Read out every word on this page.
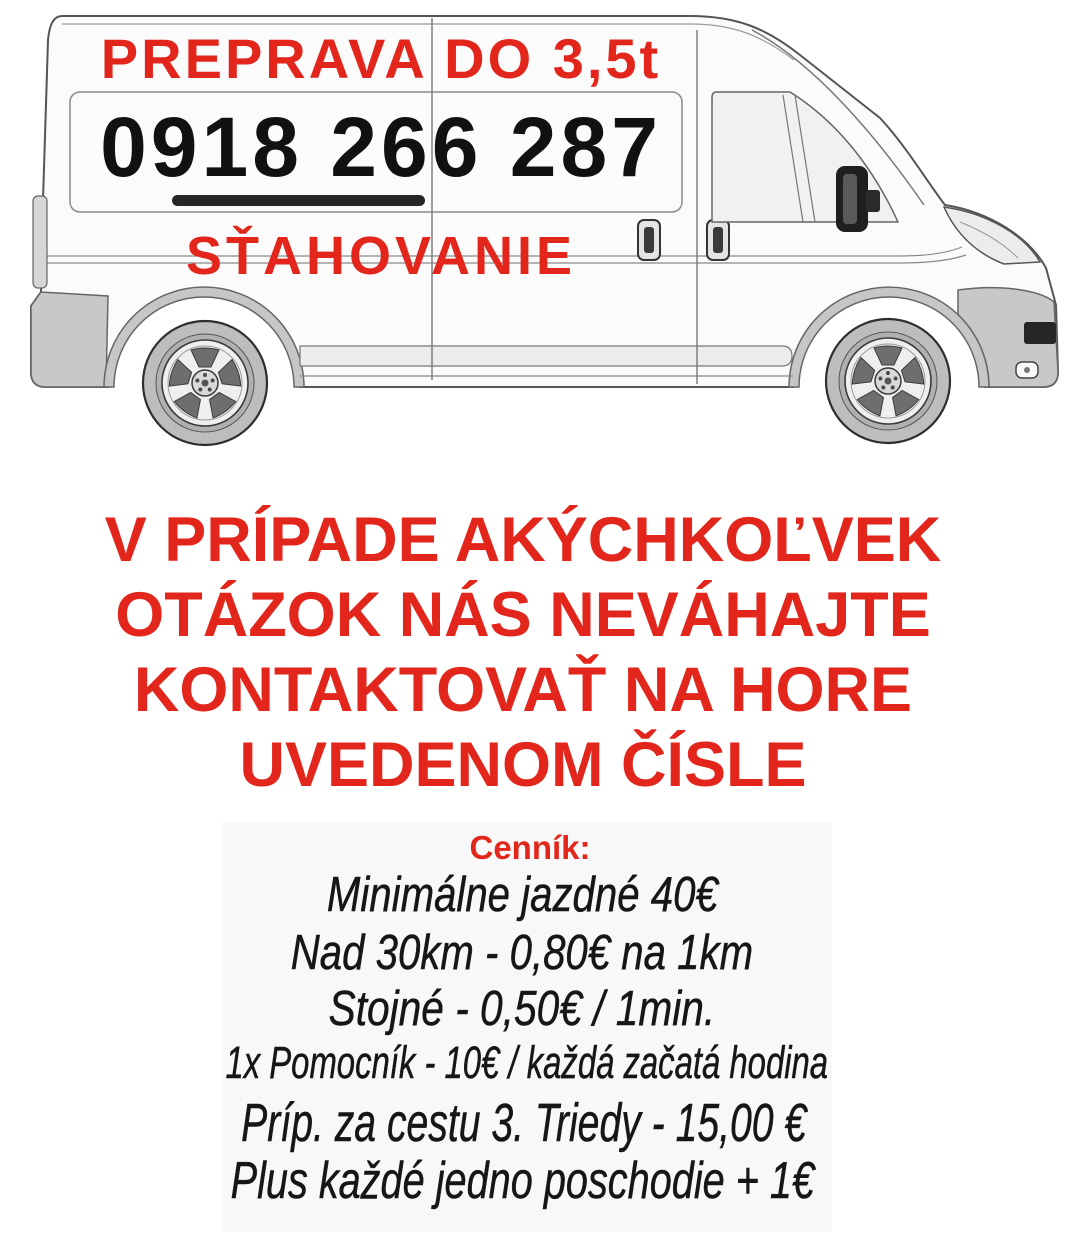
PREPRAVA DO 3,5t
0918 266 287
SŤAHOVANIE
V PRÍPADE AKÝCHKOĽVEK
OTÁZOK NÁS NEVÁHAJTE
KONTAKTOVAŤ NA HORE
UVEDENOM ČÍSLE
Cenník:
Minimálne jazdné 40€
Nad 30km - 0,80€ na 1km
Stojné - 0,50€ / 1min.
1x Pomocník - 10€ / každá začatá hodina
Príp. za cestu 3. Triedy - 15,00 €
Plus každé jedno poschodie + 1€
